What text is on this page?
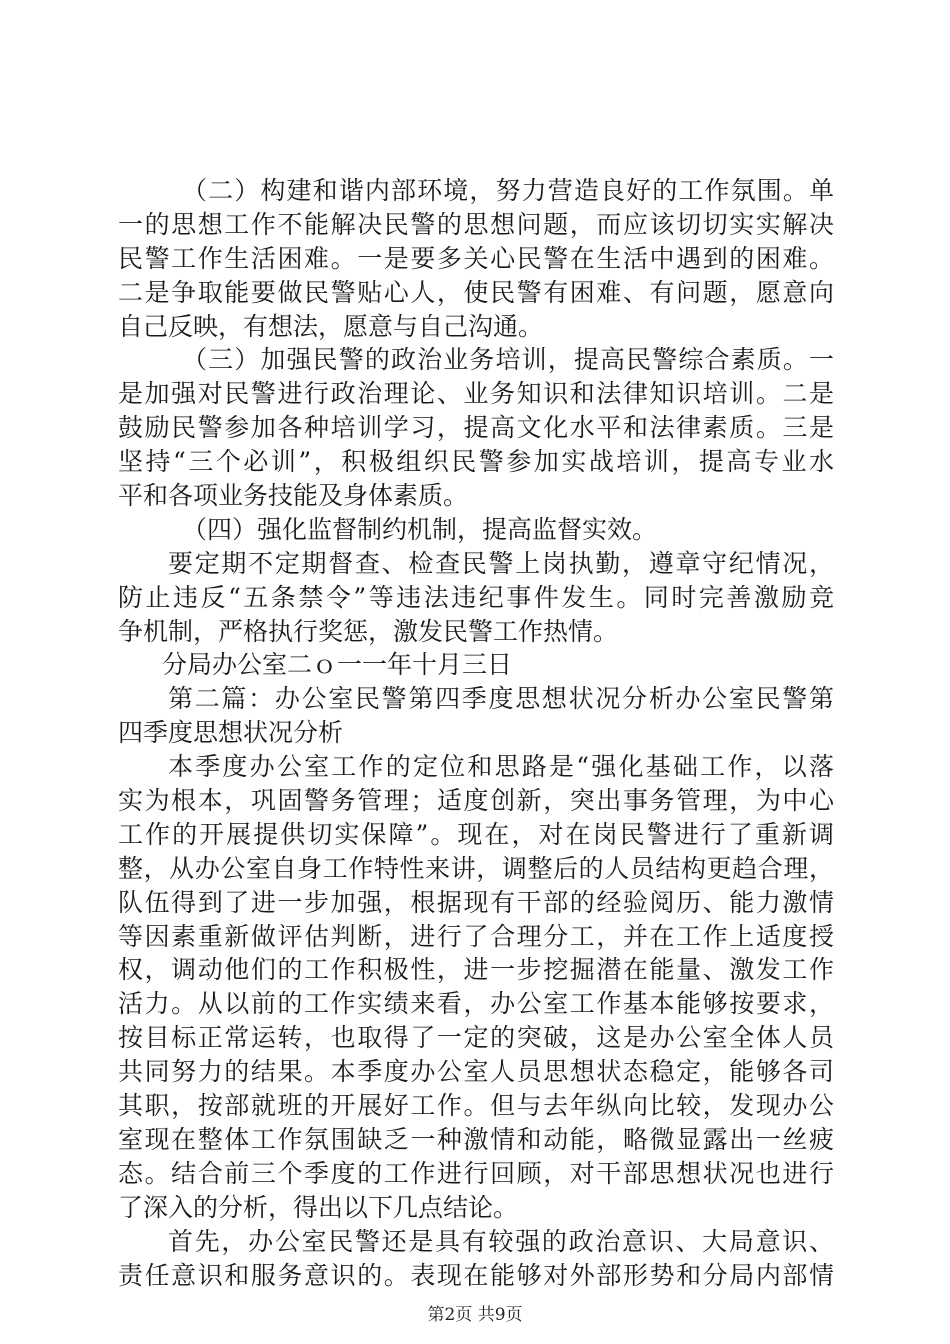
（二）构建和谐内部环境，努力营造良好的工作氛围。单
一的思想工作不能解决民警的思想问题，而应该切切实实解决
民警工作生活困难。一是要多关心民警在生活中遇到的困难。
二是争取能要做民警贴心人，使民警有困难、有问题，愿意向
自己反映，有想法，愿意与自己沟通。
（三）加强民警的政治业务培训，提高民警综合素质。一
是加强对民警进行政治理论、业务知识和法律知识培训。二是
鼓励民警参加各种培训学习，提高文化水平和法律素质。三是
坚持“三个必训”，积极组织民警参加实战培训，提高专业水
平和各项业务技能及身体素质。
（四）强化监督制约机制，提高监督实效。
要定期不定期督查、检查民警上岗执勤，遵章守纪情况，
防止违反“五条禁令”等违法违纪事件发生。同时完善激励竞
争机制，严格执行奖惩，激发民警工作热情。
分局办公室二ｏ一一年十月三日
第二篇：办公室民警第四季度思想状况分析办公室民警第
四季度思想状况分析
本季度办公室工作的定位和思路是“强化基础工作，以落
实为根本，巩固警务管理；适度创新，突出事务管理，为中心
工作的开展提供切实保障”。现在，对在岗民警进行了重新调
整，从办公室自身工作特性来讲，调整后的人员结构更趋合理，
队伍得到了进一步加强，根据现有干部的经验阅历、能力激情
等因素重新做评估判断，进行了合理分工，并在工作上适度授
权，调动他们的工作积极性，进一步挖掘潜在能量、激发工作
活力。从以前的工作实绩来看，办公室工作基本能够按要求，
按目标正常运转，也取得了一定的突破，这是办公室全体人员
共同努力的结果。本季度办公室人员思想状态稳定，能够各司
其职，按部就班的开展好工作。但与去年纵向比较，发现办公
室现在整体工作氛围缺乏一种激情和动能，略微显露出一丝疲
态。结合前三个季度的工作进行回顾，对干部思想状况也进行
了深入的分析，得出以下几点结论。
首先，办公室民警还是具有较强的政治意识、大局意识、
责任意识和服务意识的。表现在能够对外部形势和分局内部情
第2页 共9页
